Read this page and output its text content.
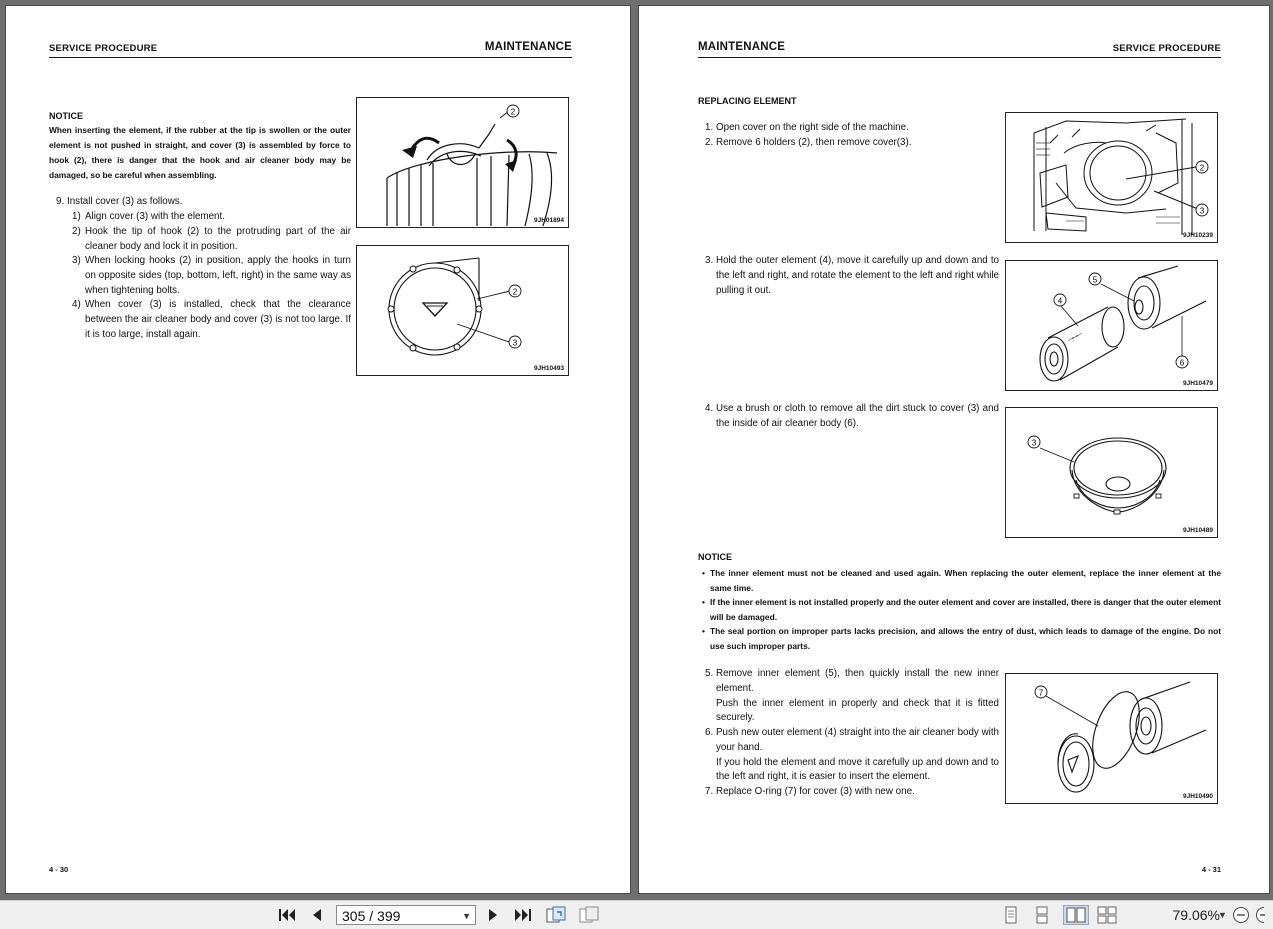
SERVICE PROCEDURE	MAINTENANCE
NOTICE
When inserting the element, if the rubber at the tip is swollen or the outer element is not pushed in straight, and cover (3) is assembled by force to hook (2), there is danger that the hook and air cleaner body may be damaged, so be careful when assembling.
9. Install cover (3) as follows.
1) Align cover (3) with the element.
2) Hook the tip of hook (2) to the protruding part of the air cleaner body and lock it in position.
3) When locking hooks (2) in position, apply the hooks in turn on opposite sides (top, bottom, left, right) in the same way as when tightening bolts.
4) When cover (3) is installed, check that the clearance between the air cleaner body and cover (3) is not too large. If it is too large, install again.
2
9JH01894
2
3
9JH10493
4 - 30
MAINTENANCE	SERVICE PROCEDURE
REPLACING ELEMENT
1. Open cover on the right side of the machine.
2. Remove 6 holders (2), then remove cover(3).
3. Hold the outer element (4), move it carefully up and down and to the left and right, and rotate the element to the left and right while pulling it out.
4. Use a brush or cloth to remove all the dirt stuck to cover (3) and the inside of air cleaner body (6).
NOTICE
• The inner element must not be cleaned and used again. When replacing the outer element, replace the inner element at the same time.
• If the inner element is not installed properly and the outer element and cover are installed, there is danger that the outer element will be damaged.
• The seal portion on improper parts lacks precision, and allows the entry of dust, which leads to damage of the engine. Do not use such improper parts.
5. Remove inner element (5), then quickly install the new inner element.
Push the inner element in properly and check that it is fitted securely.
6. Push new outer element (4) straight into the air cleaner body with your hand.
If you hold the element and move it carefully up and down and to the left and right, it is easier to insert the element.
7. Replace O-ring (7) for cover (3) with new one.
2
3
9JH10239
5
4
6
9JH10479
3
9JH10489
7
9JH10490
4 - 31
305 / 399	▼	79.06%
▼
